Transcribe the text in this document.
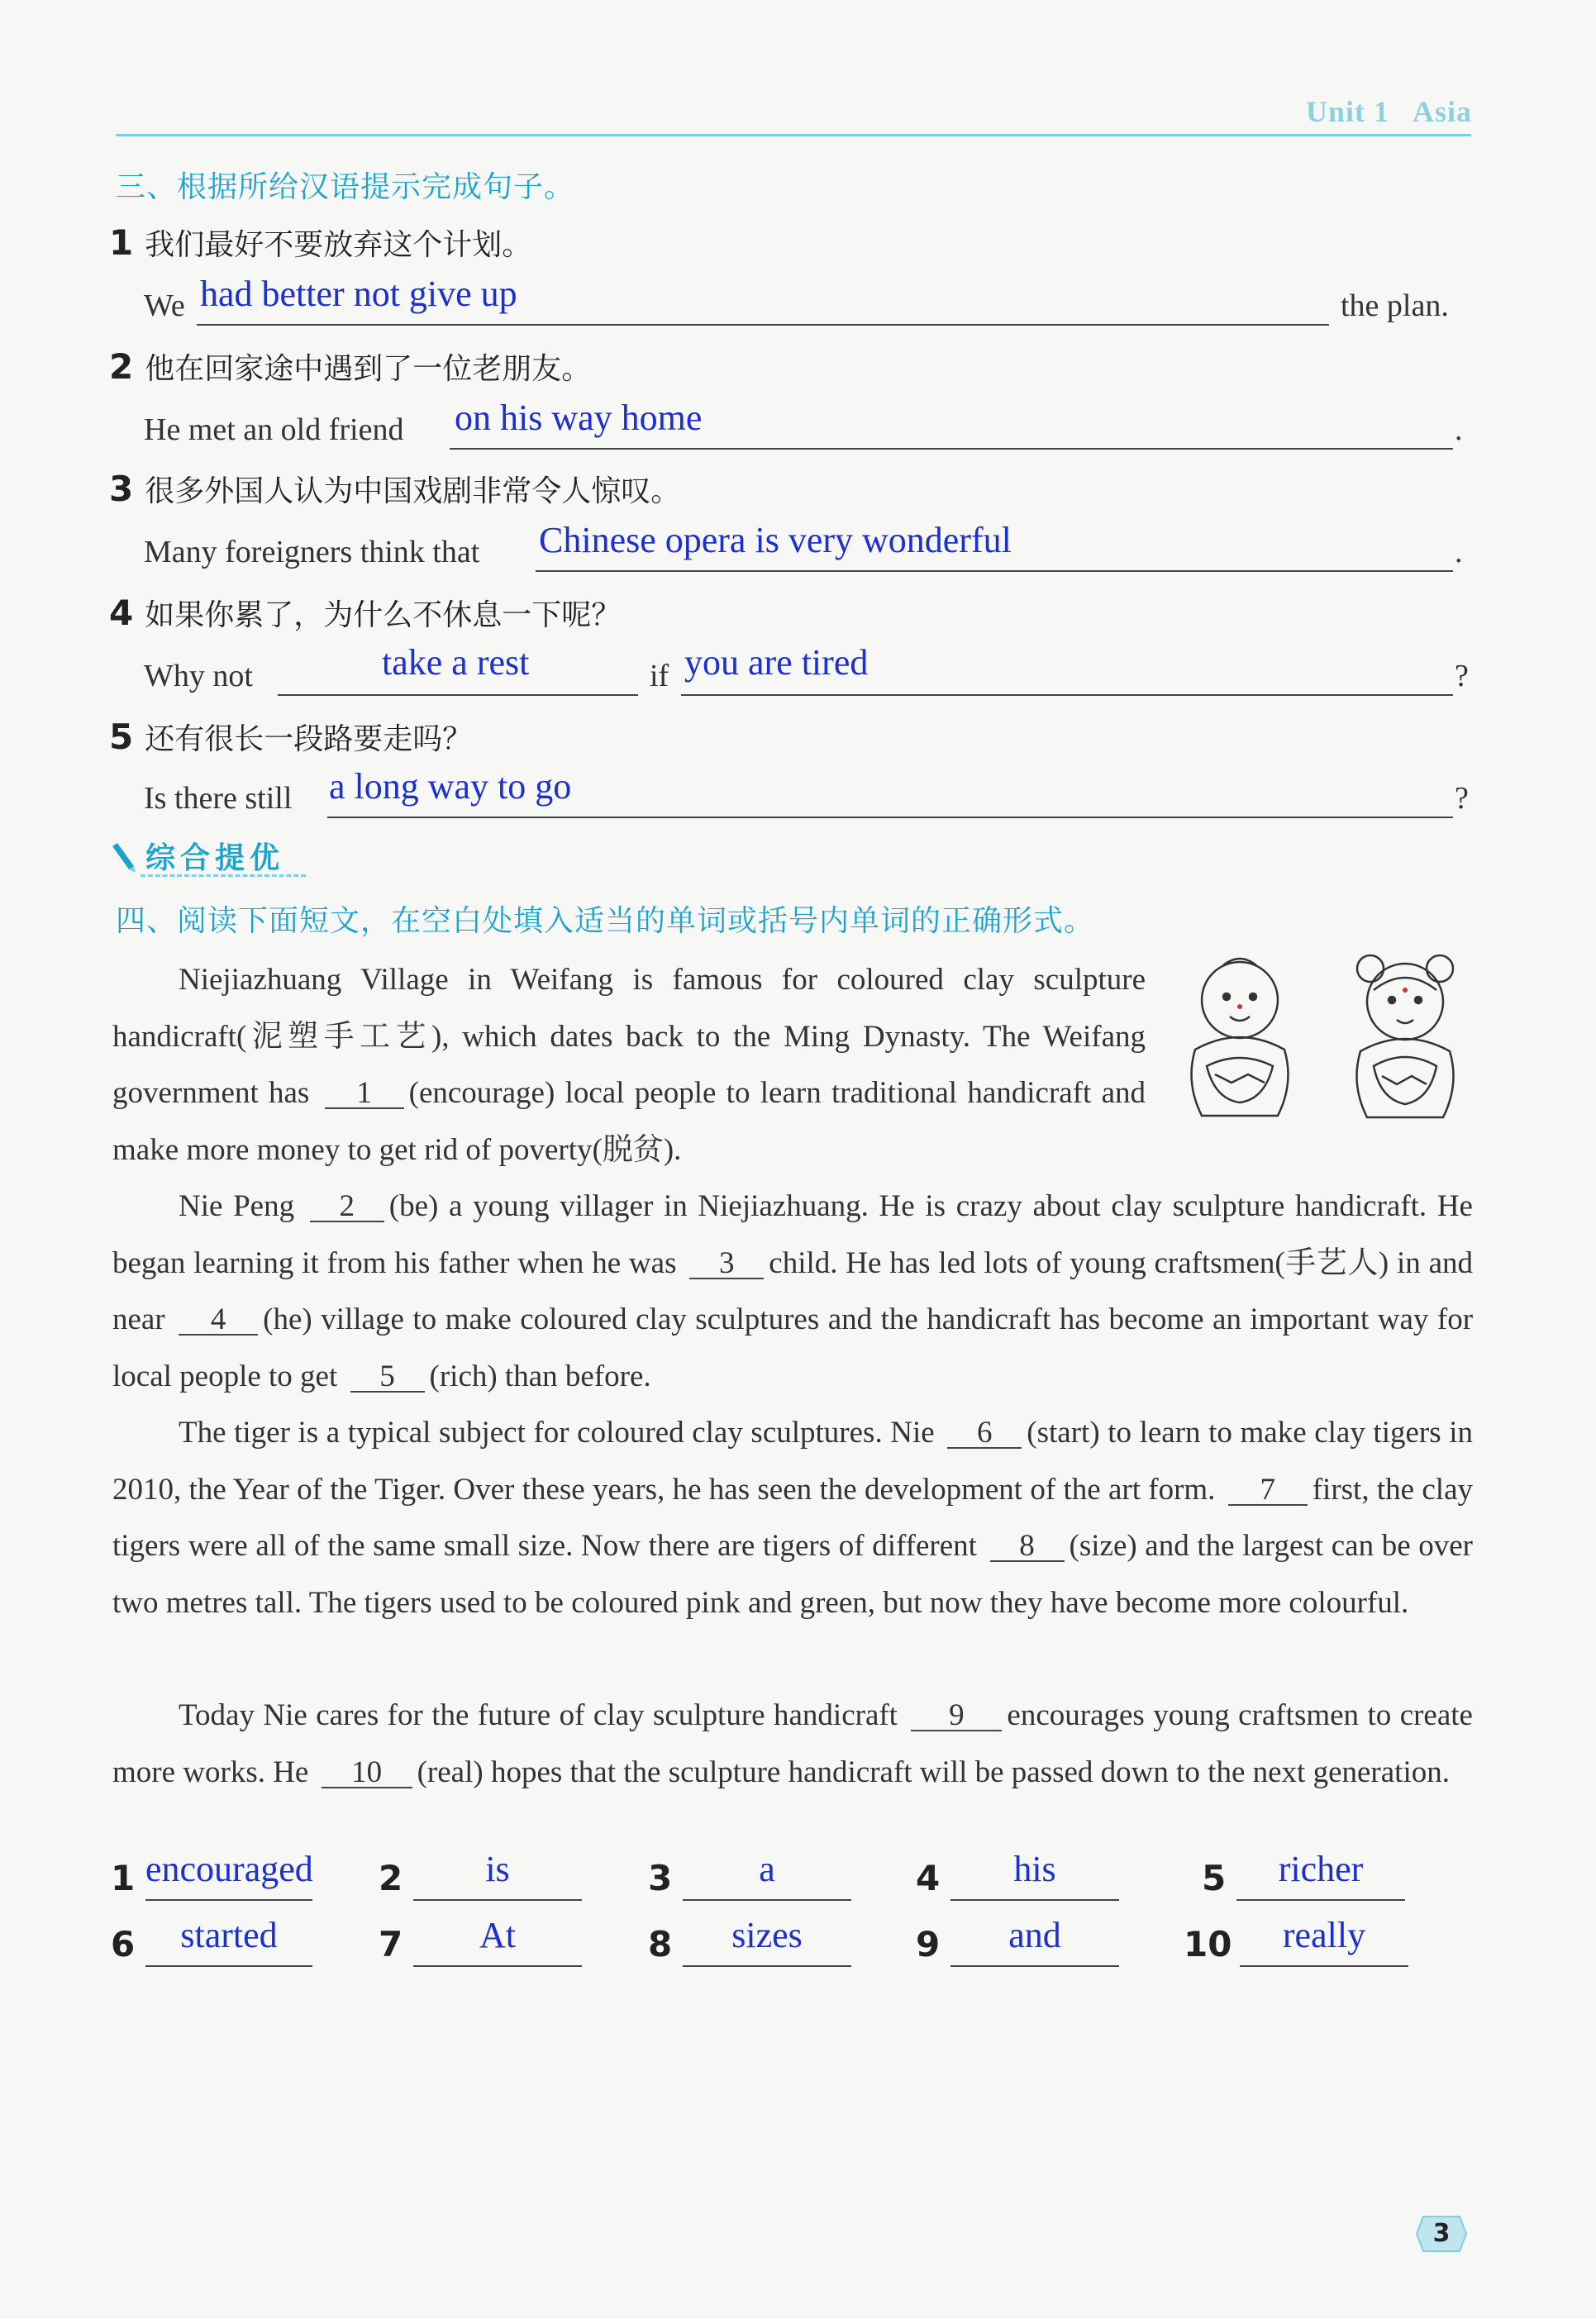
Unit 1 Asia
三、根据所给汉语提示完成句子。
1 我们最好不要放弃这个计划。
We had better not give up	the plan.
2 他在回家途中遇到了一位老朋友。
He met an old friend on his way home	.
3 很多外国人认为中国戏剧非常令人惊叹。
Many foreigners think that Chinese opera is very wonderful	.
4 如果你累了，为什么不休息一下呢？
Why not	take a rest	if you are tired	?
5 还有很长一段路要走吗？
Is there still a long way to go	?
综合提优
四、阅读下面短文，在空白处填入适当的单词或括号内单词的正确形式。
Niejiazhuang Village in Weifang is famous for coloured clay sculpture handicraft(泥塑手工艺), which dates back to the Ming Dynasty. The Weifang government has 1 (encourage) local people to learn traditional handicraft and make more money to get rid of poverty(脱贫).
Nie Peng 2 (be) a young villager in Niejiazhuang. He is crazy about clay sculpture handicraft. He began learning it from his father when he was 3 child. He has led lots of young craftsmen(手艺人) in and near 4 (he) village to make coloured clay sculptures and the handicraft has become an important way for local people to get 5 (rich) than before.
The tiger is a typical subject for coloured clay sculptures. Nie 6 (start) to learn to make clay tigers in 2010, the Year of the Tiger. Over these years, he has seen the development of the art form. 7 first, the clay tigers were all of the same small size. Now there are tigers of different 8 (size) and the largest can be over two metres tall. The tigers used to be coloured pink and green, but now they have become more colourful.
Today Nie cares for the future of clay sculpture handicraft 9 encourages young craftsmen to create more works. He 10 (real) hopes that the sculpture handicraft will be passed down to the next generation.
1 encouraged 2	is	3	a	4	his	5	richer
6	started	7	At	8	sizes	9	and	10	really
3
